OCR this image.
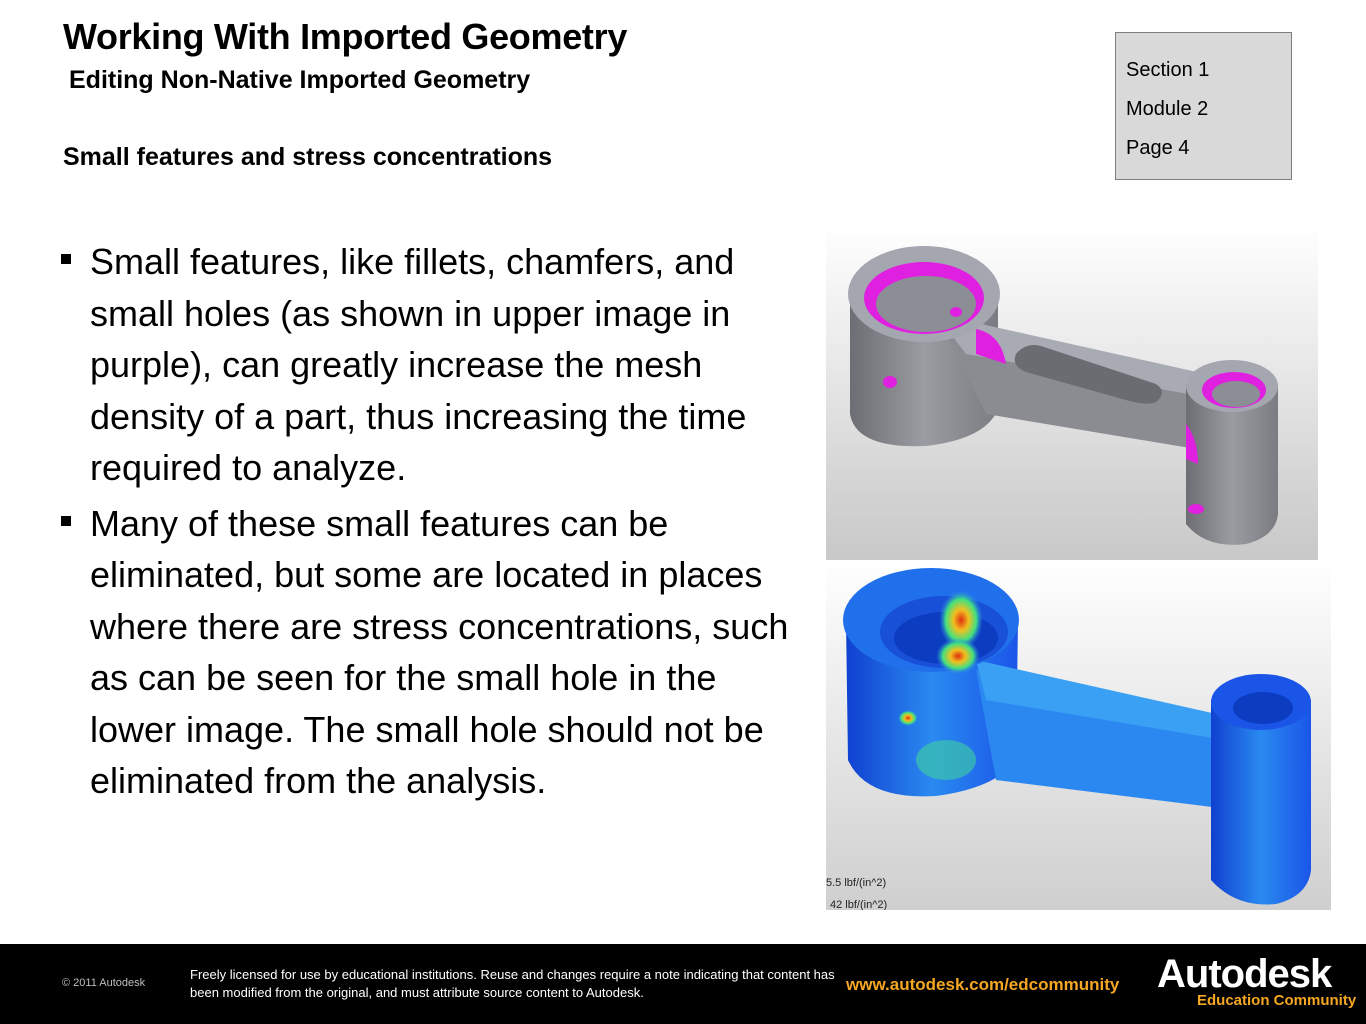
Working With Imported Geometry
Editing Non-Native Imported Geometry
Small features and stress concentrations
Section 1
Module 2
Page 4
Small features, like fillets, chamfers, and small holes (as shown in upper image in purple), can greatly increase the mesh density of a part, thus increasing the time required to analyze.
Many of these small features can be eliminated, but some are located in places where there are stress concentrations, such as can be seen for the small hole in the lower image. The small hole should not be eliminated from the analysis.
5.5 lbf/(in^2)
42 lbf/(in^2)
© 2011 Autodesk
Freely licensed for use by educational institutions. Reuse and changes require a note indicating that content has been modified from the original, and must attribute source content to Autodesk.	www.autodesk.com/edcommunity Autodesk
Education Community
